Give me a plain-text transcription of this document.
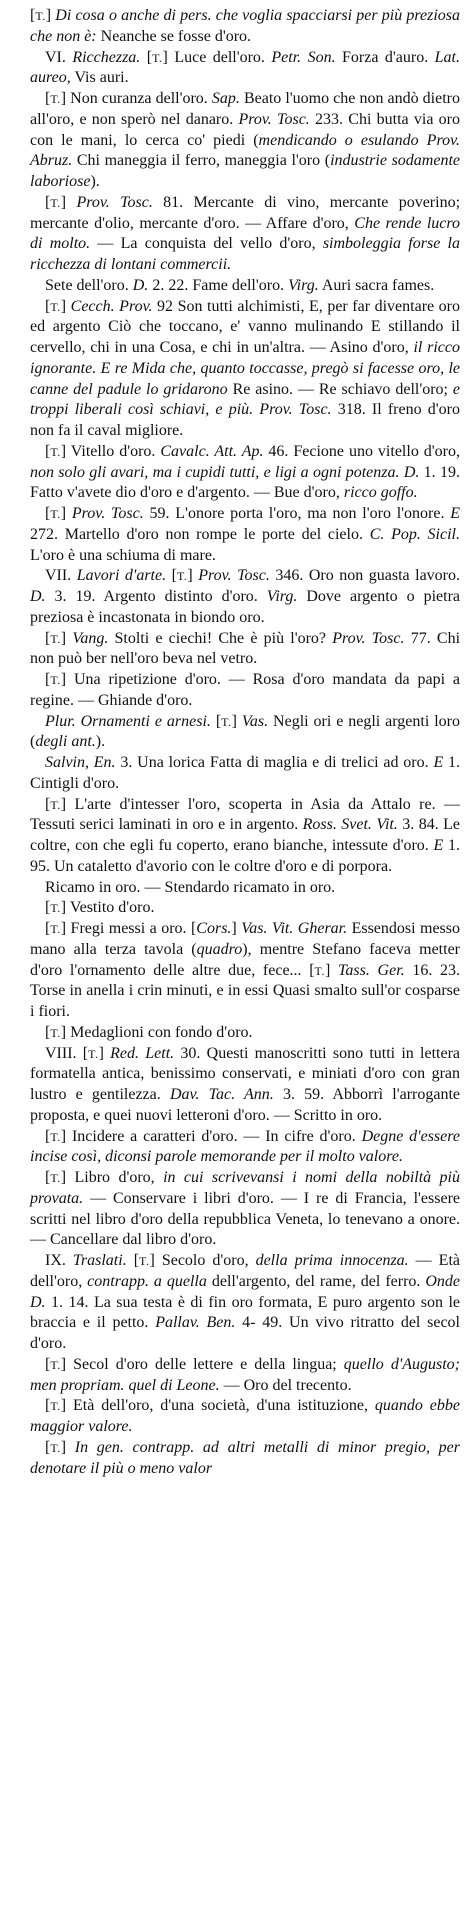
[T.] Di cosa o anche di pers. che voglia spacciarsi per più preziosa che non è: Neanche se fosse d'oro.

VI. Ricchezza. [T.] Luce dell'oro. Petr. Son. Forza d'auro. Lat. aureo, Vis auri.

[T.] Non curanza dell'oro. Sap. Beato l'uomo che non andò dietro all'oro, e non sperò nel danaro. Prov. Tosc. 233. Chi butta via oro con le mani, lo cerca co' piedi (mendicando o esulando Prov. Abruz. Chi maneggia il ferro, maneggia l'oro (industrie sodamente laboriose).

[T.] Prov. Tosc. 81. Mercante di vino, mercante poverino; mercante d'olio, mercante d'oro. — Affare d'oro, Che rende lucro di molto. — La conquista del vello d'oro, simboleggia forse la ricchezza di lontani commercii.

Sete dell'oro. D. 2. 22. Fame dell'oro. Virg. Auri sacra fames.

[T.] Cecch. Prov. 92 Son tutti alchimisti, E, per far diventare oro ed argento Ciò che toccano, e' vanno mulinando E stillando il cervello, chi in una Cosa, e chi in un'altra. — Asino d'oro, il ricco ignorante. E re Mida che, quanto toccasse, pregò si facesse oro, le canne del padule lo gridarono Re asino. — Re schiavo dell'oro; e troppi liberali così schiavi, e più. Prov. Tosc. 318. Il freno d'oro non fa il caval migliore.

[T.] Vitello d'oro. Cavalc. Att. Ap. 46. Fecione uno vitello d'oro, non solo gli avari, ma i cupidi tutti, e ligi a ogni potenza. D. 1. 19. Fatto v'avete dio d'oro e d'argento. — Bue d'oro, ricco goffo.

[T.] Prov. Tosc. 59. L'onore porta l'oro, ma non l'oro l'onore. E 272. Martello d'oro non rompe le porte del cielo. C. Pop. Sicil. L'oro è una schiuma di mare.

VII. Lavori d'arte. [T.] Prov. Tosc. 346. Oro non guasta lavoro. D. 3. 19. Argento distinto d'oro. Virg. Dove argento o pietra preziosa è incastonata in biondo oro.

[T.] Vang. Stolti e ciechi! Che è più l'oro? Prov. Tosc. 77. Chi non può ber nell'oro beva nel vetro.

[T.] Una ripetizione d'oro. — Rosa d'oro mandata da papi a regine. — Ghiande d'oro.

Plur. Ornamenti e arnesi. [T.] Vas. Negli ori e negli argenti loro (degli ant.).

Salvin, En. 3. Una lorica Fatta di maglia e di trelici ad oro. E 1. Cintigli d'oro.

[T.] L'arte d'intesser l'oro, scoperta in Asia da Attalo re. — Tessuti serici laminati in oro e in argento. Ross. Svet. Vit. 3. 84. Le coltre, con che egli fu coperto, erano bianche, intessute d'oro. E 1. 95. Un cataletto d'avorio con le coltre d'oro e di porpora.

Ricamo in oro. — Stendardo ricamato in oro.

[T.] Vestito d'oro.

[T.] Fregi messi a oro. [Cors.] Vas. Vit. Gherar. Essendosi messo mano alla terza tavola (quadro), mentre Stefano faceva metter d'oro l'ornamento delle altre due, fece... [T.] Tass. Ger. 16. 23. Torse in anella i crin minuti, e in essi Quasi smalto sull'or cosparse i fiori.

[T.] Medaglioni con fondo d'oro.

VIII. [T.] Red. Lett. 30. Questi manoscritti sono tutti in lettera formatella antica, benissimo conservati, e miniati d'oro con gran lustro e gentilezza. Dav. Tac. Ann. 3. 59. Abborrì l'arrogante proposta, e quei nuovi letteroni d'oro. — Scritto in oro.

[T.] Incidere a caratteri d'oro. — In cifre d'oro. Degne d'essere incise così, diconsi parole memorande per il molto valore.

[T.] Libro d'oro, in cui scrivevansi i nomi della nobiltà più provata. — Conservare i libri d'oro. — I re di Francia, l'essere scritti nel libro d'oro della repubblica Veneta, lo tenevano a onore. — Cancellare dal libro d'oro.

IX. Traslati. [T.] Secolo d'oro, della prima innocenza. — Età dell'oro, contrapp. a quella dell'argento, del rame, del ferro. Onde D. 1. 14. La sua testa è di fin oro formata, E puro argento son le braccia e il petto. Pallav. Ben. 4- 49. Un vivo ritratto del secol d'oro.

[T.] Secol d'oro delle lettere e della lingua; quello d'Augusto; men propriam. quel di Leone. — Oro del trecento.

[T.] Età dell'oro, d'una società, d'una istituzione, quando ebbe maggior valore.

[T.] In gen. contrapp. ad altri metalli di minor pregio, per denotare il più o meno valor
